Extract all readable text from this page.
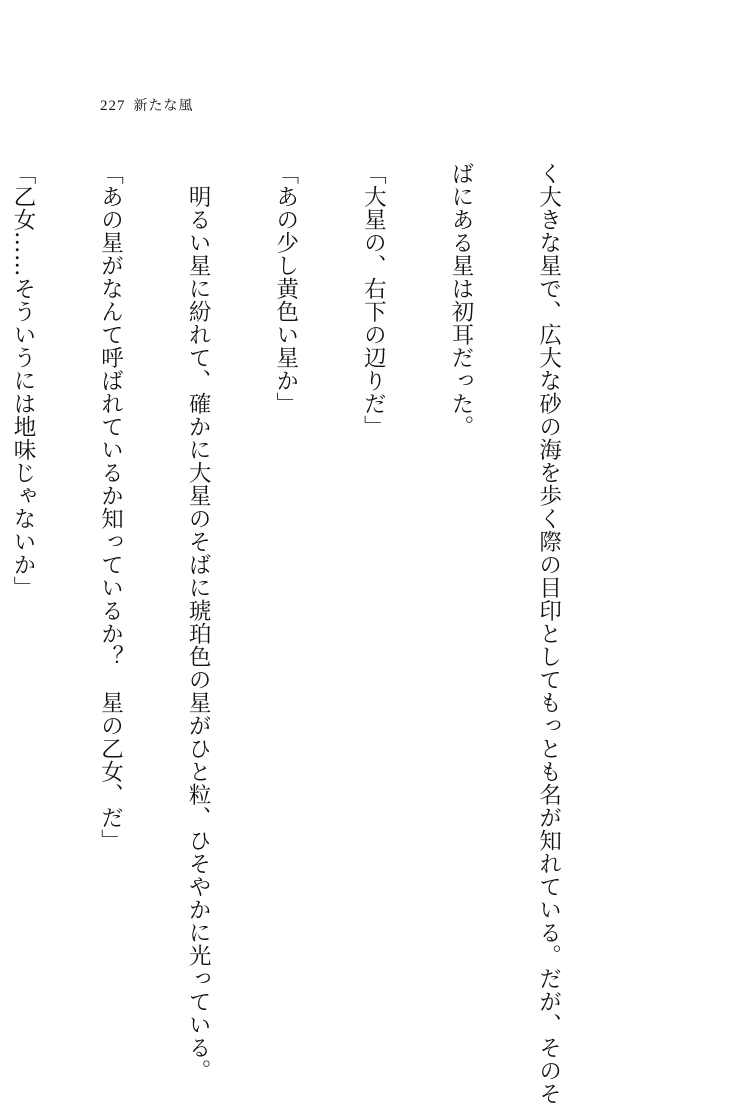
227 新たな風

く大きな星で、広大な砂の海を歩く際の目印としてもっとも名が知れている。だが、そのそ

ばにある星は初耳だった。

「大星の、右下の辺りだ」

「あの少し黄色い星か」

　明るい星に紛れて、確かに大星のそばに琥珀色の星がひと粒、ひそやかに光っている。

「あの星がなんて呼ばれているか知っているか？　星の乙女、だ」

「乙女……そういうには地味じゃないか」
